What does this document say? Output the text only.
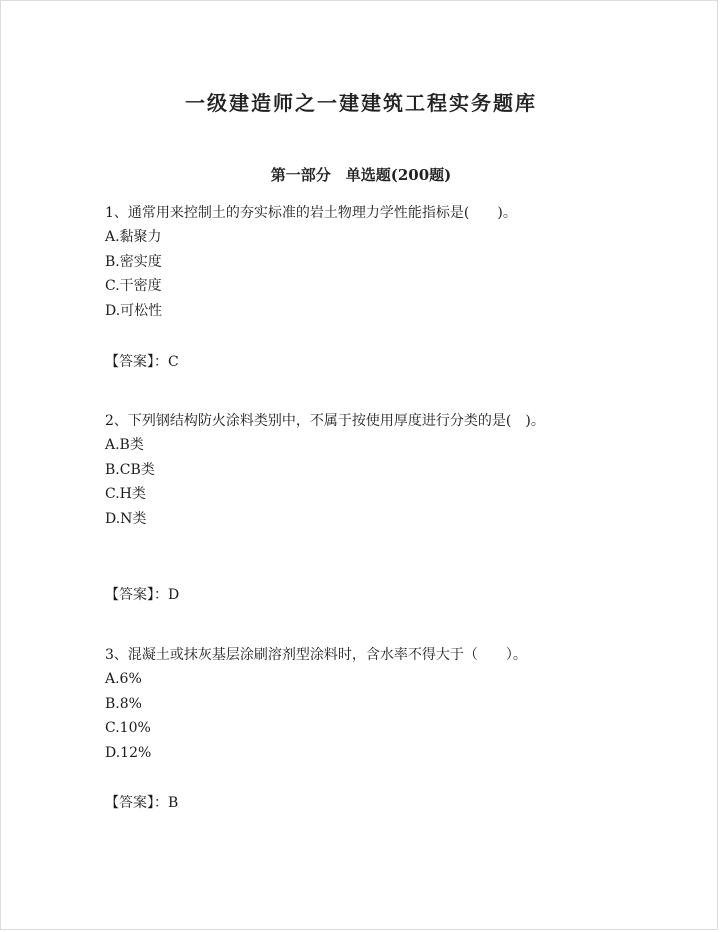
一级建造师之一建建筑工程实务题库
第一部分　单选题(200题)
1、通常用来控制土的夯实标准的岩土物理力学性能指标是(　　)。
A.黏聚力
B.密实度
C.干密度
D.可松性
【答案】：C
2、下列钢结构防火涂料类别中，不属于按使用厚度进行分类的是(　)。
A.B类
B.CB类
C.H类
D.N类
【答案】：D
3、混凝土或抹灰基层涂刷溶剂型涂料时，含水率不得大于（　　）。
A.6%
B.8%
C.10%
D.12%
【答案】：B
